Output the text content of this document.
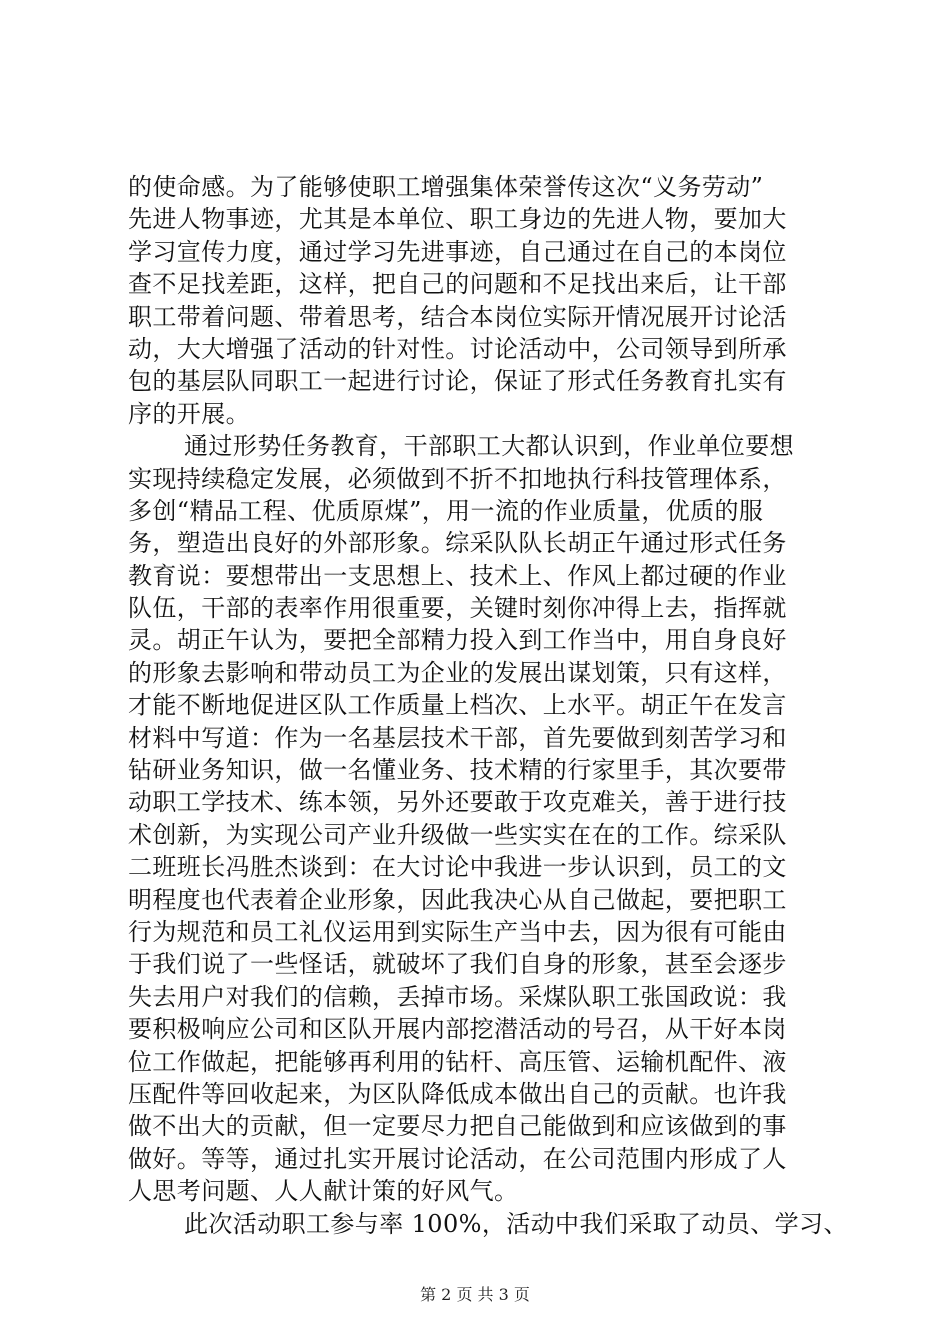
的使命感。为了能够使职工增强集体荣誉传这次“义务劳动”
先进人物事迹，尤其是本单位、职工身边的先进人物，要加大
学习宣传力度，通过学习先进事迹，自己通过在自己的本岗位
查不足找差距，这样，把自己的问题和不足找出来后，让干部
职工带着问题、带着思考，结合本岗位实际开情况展开讨论活
动，大大增强了活动的针对性。讨论活动中，公司领导到所承
包的基层队同职工一起进行讨论，保证了形式任务教育扎实有
序的开展。
通过形势任务教育，干部职工大都认识到，作业单位要想
实现持续稳定发展，必须做到不折不扣地执行科技管理体系，
多创“精品工程、优质原煤”，用一流的作业质量，优质的服
务，塑造出良好的外部形象。综采队队长胡正午通过形式任务
教育说：要想带出一支思想上、技术上、作风上都过硬的作业
队伍，干部的表率作用很重要，关键时刻你冲得上去，指挥就
灵。胡正午认为，要把全部精力投入到工作当中，用自身良好
的形象去影响和带动员工为企业的发展出谋划策，只有这样，
才能不断地促进区队工作质量上档次、上水平。胡正午在发言
材料中写道：作为一名基层技术干部，首先要做到刻苦学习和
钻研业务知识，做一名懂业务、技术精的行家里手，其次要带
动职工学技术、练本领，另外还要敢于攻克难关，善于进行技
术创新，为实现公司产业升级做一些实实在在的工作。综采队
二班班长冯胜杰谈到：在大讨论中我进一步认识到，员工的文
明程度也代表着企业形象，因此我决心从自己做起，要把职工
行为规范和员工礼仪运用到实际生产当中去，因为很有可能由
于我们说了一些怪话，就破坏了我们自身的形象，甚至会逐步
失去用户对我们的信赖，丢掉市场。采煤队职工张国政说：我
要积极响应公司和区队开展内部挖潜活动的号召，从干好本岗
位工作做起，把能够再利用的钻杆、高压管、运输机配件、液
压配件等回收起来，为区队降低成本做出自己的贡献。也许我
做不出大的贡献，但一定要尽力把自己能做到和应该做到的事
做好。等等，通过扎实开展讨论活动，在公司范围内形成了人
人思考问题、人人献计策的好风气。
此次活动职工参与率 100%，活动中我们采取了动员、学习、
第 2 页 共 3 页
